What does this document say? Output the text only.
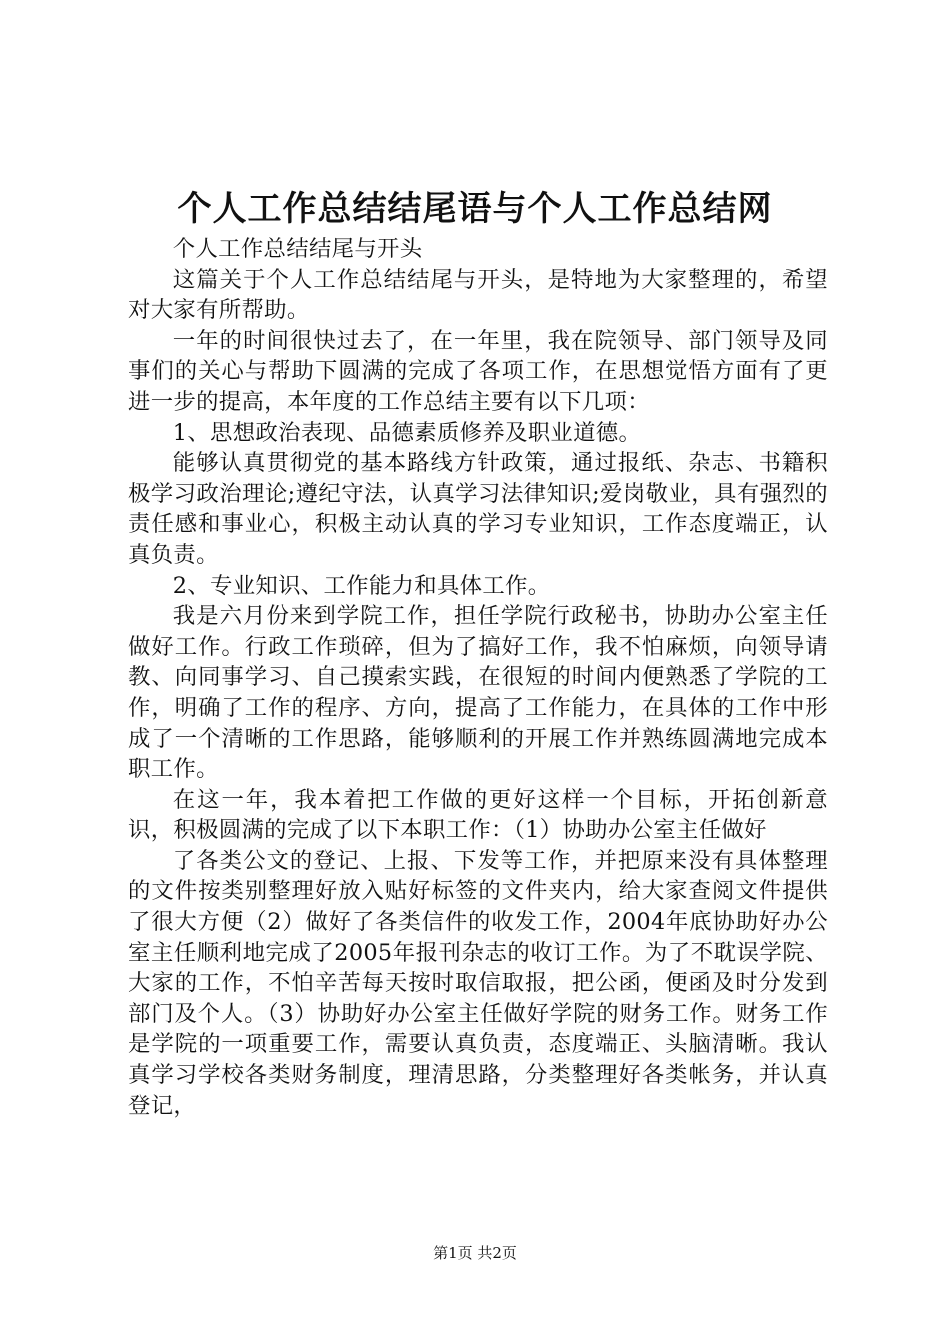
个人工作总结结尾语与个人工作总结网

个人工作总结结尾与开头

这篇关于个人工作总结结尾与开头，是特地为大家整理的，希望对大家有所帮助。

一年的时间很快过去了，在一年里，我在院领导、部门领导及同事们的关心与帮助下圆满的完成了各项工作，在思想觉悟方面有了更进一步的提高，本年度的工作总结主要有以下几项：

1、思想政治表现、品德素质修养及职业道德。

能够认真贯彻党的基本路线方针政策，通过报纸、杂志、书籍积极学习政治理论;遵纪守法，认真学习法律知识;爱岗敬业，具有强烈的责任感和事业心，积极主动认真的学习专业知识，工作态度端正，认真负责。

2、专业知识、工作能力和具体工作。

我是六月份来到学院工作，担任学院行政秘书，协助办公室主任做好工作。行政工作琐碎，但为了搞好工作，我不怕麻烦，向领导请教、向同事学习、自己摸索实践，在很短的时间内便熟悉了学院的工作，明确了工作的程序、方向，提高了工作能力，在具体的工作中形成了一个清晰的工作思路，能够顺利的开展工作并熟练圆满地完成本职工作。

在这一年，我本着把工作做的更好这样一个目标，开拓创新意识，积极圆满的完成了以下本职工作：（1）协助办公室主任做好

了各类公文的登记、上报、下发等工作，并把原来没有具体整理的文件按类别整理好放入贴好标签的文件夹内，给大家查阅文件提供了很大方便（2）做好了各类信件的收发工作，2004年底协助好办公室主任顺利地完成了2005年报刊杂志的收订工作。为了不耽误学院、大家的工作，不怕辛苦每天按时取信取报，把公函，便函及时分发到部门及个人。（3）协助好办公室主任做好学院的财务工作。财务工作是学院的一项重要工作，需要认真负责，态度端正、头脑清晰。我认真学习学校各类财务制度，理清思路，分类整理好各类帐务，并认真登记，

第1页 共2页
